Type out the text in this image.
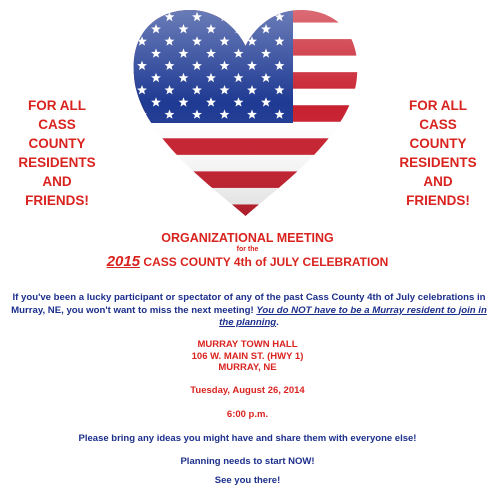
FOR ALL
CASS
COUNTY
RESIDENTS
AND
FRIENDS!
FOR ALL
CASS
COUNTY
RESIDENTS
AND
FRIENDS!
ORGANIZATIONAL MEETING
for the
2015 CASS COUNTY 4th of JULY CELEBRATION
If you've been a lucky participant or spectator of any of the past Cass County 4th of July celebrations in Murray, NE, you won't want to miss the next meeting! You do NOT have to be a Murray resident to join in the planning.
MURRAY TOWN HALL
106 W. MAIN ST. (HWY 1)
MURRAY, NE
Tuesday, August 26, 2014
6:00 p.m.
Please bring any ideas you might have and share them with everyone else!
Planning needs to start NOW!
See you there!
